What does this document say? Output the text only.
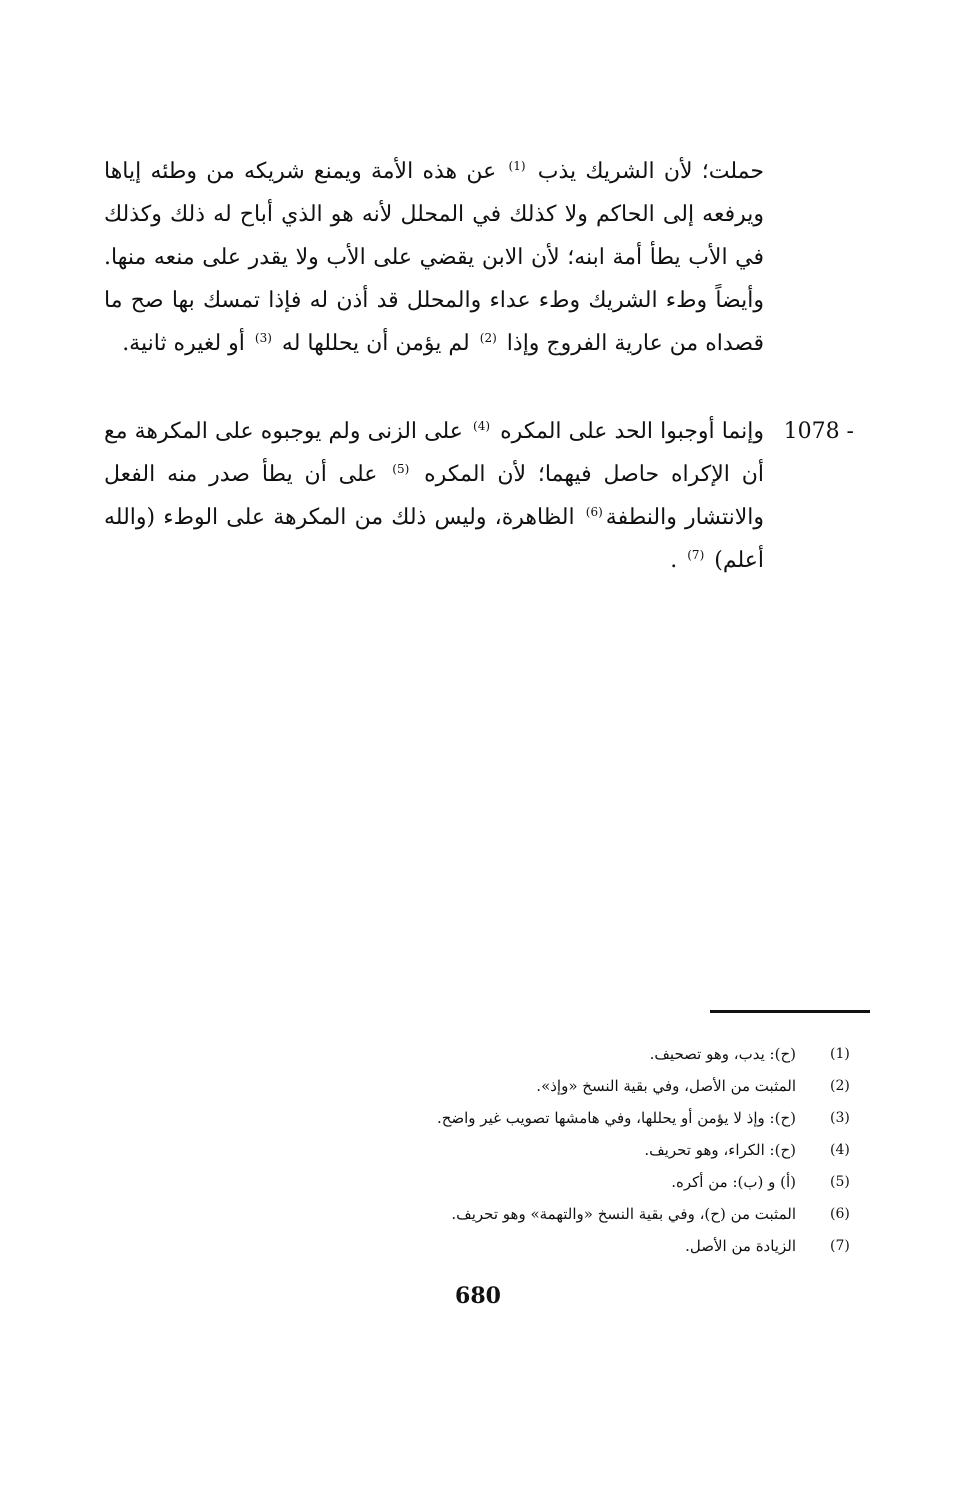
حملت؛ لأن الشريك يذب $^{(1)}$ عن هذه الأمة ويمنع شريكه من وطئه إياها ويرفعه إلى الحاكم ولا كذلك في المحلل لأنه هو الذي أباح له ذلك وكذلك في الأب يطأ أمة ابنه؛ لأن الابن يقضي على الأب ولا يقدر على منعه منها. وأيضاً وطء الشريك وطء عداء والمحلل قد أذن له فإذا تمسك بها صح ما قصداه من عارية الفروج وإذا $^{(2)}$ لم يؤمن أن يحللها له $^{(3)}$ أو لغيره ثانية.

1078 -
وإنما أوجبوا الحد على المكره $^{(4)}$ على الزنى ولم يوجبوه على المكرهة مع أن الإكراه حاصل فيهما؛ لأن المكره $^{(5)}$ على أن يطأ صدر منه الفعل والانتشار والنطفة$^{(6)}$ الظاهرة، وليس ذلك من المكرهة على الوطء (والله أعلم) $^{(7)}$ .

(1)
(ح): يدب، وهو تصحيف.
(2)
المثبت من الأصل، وفي بقية النسخ «وإذ».
(3)
(ح): وإذ لا يؤمن أو يحللها، وفي هامشها تصويب غير واضح.
(4)
(ح): الكراء، وهو تحريف.
(5)
(أ) و (ب): من أكره.
(6)
المثبت من (ح)، وفي بقية النسخ «والتهمة» وهو تحريف.
(7)
الزيادة من الأصل.
680
